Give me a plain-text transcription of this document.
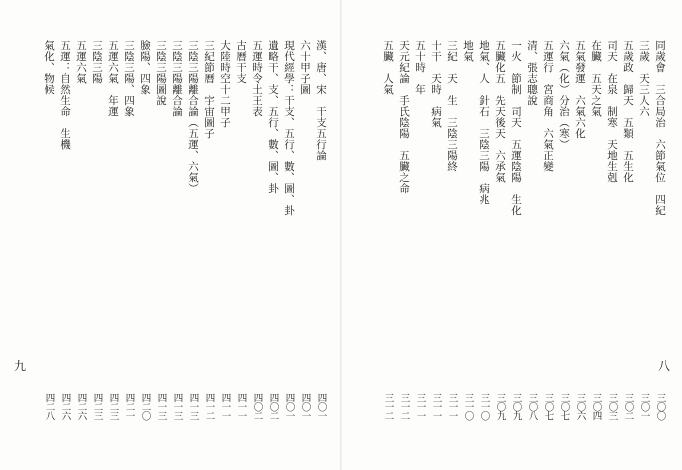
漢、唐、宋　干支五行論
四〇一
六十甲子圖
四〇一
現代經學：干支、五行、數、圖、卦
四〇一
遺略干、支、五行、數、圖、卦
四〇二
五運時令土王表
四〇二
古曆干支
四一一
大陸時空十二甲子
四一一
三紀節曆　宇宙圖子
四一二
三陰三陽離合論（五運、六氣）
四一三
三陰三陽離合論
四一三
三陰三陽圖說
四一三
臉陽、四象
四二〇
三陰三陽、四象
四二一
五運六氣　年運
四二三
三陰三陽
四二三
五運六氣
四二六
五運：自然生命　生機
四二六
氣化、物候
四二八
九
同歲會　三合局治　六節氣位　四紀
三〇〇
三歲　天三人六
三〇一
五歲政　歸天　五類　五生化
三〇二
司天　在泉　制寒　天地生剋
三〇三
在臟　五天之氣
三〇四
五氣發運　六氣六化
三〇六
六氣（化）分治（寒）
三〇七
五運行　宮商角　六氣正變
三〇七
清、張志聰說
三〇八
一火　節制　司天　五運陰陽　生化
三〇九
五臟化五　先天後天　六承氣
三〇九
地氣、人　針石　三陰三陽　病兆
三一〇
地氣
三一〇
三紀　天　生　三陰三陽終
三一一
十干　天時　病氣
三一一
五十時　年
三一一
天元紀論　手氏陰陽　五臟之命
三一二
五臟　人氣
三一二
八
